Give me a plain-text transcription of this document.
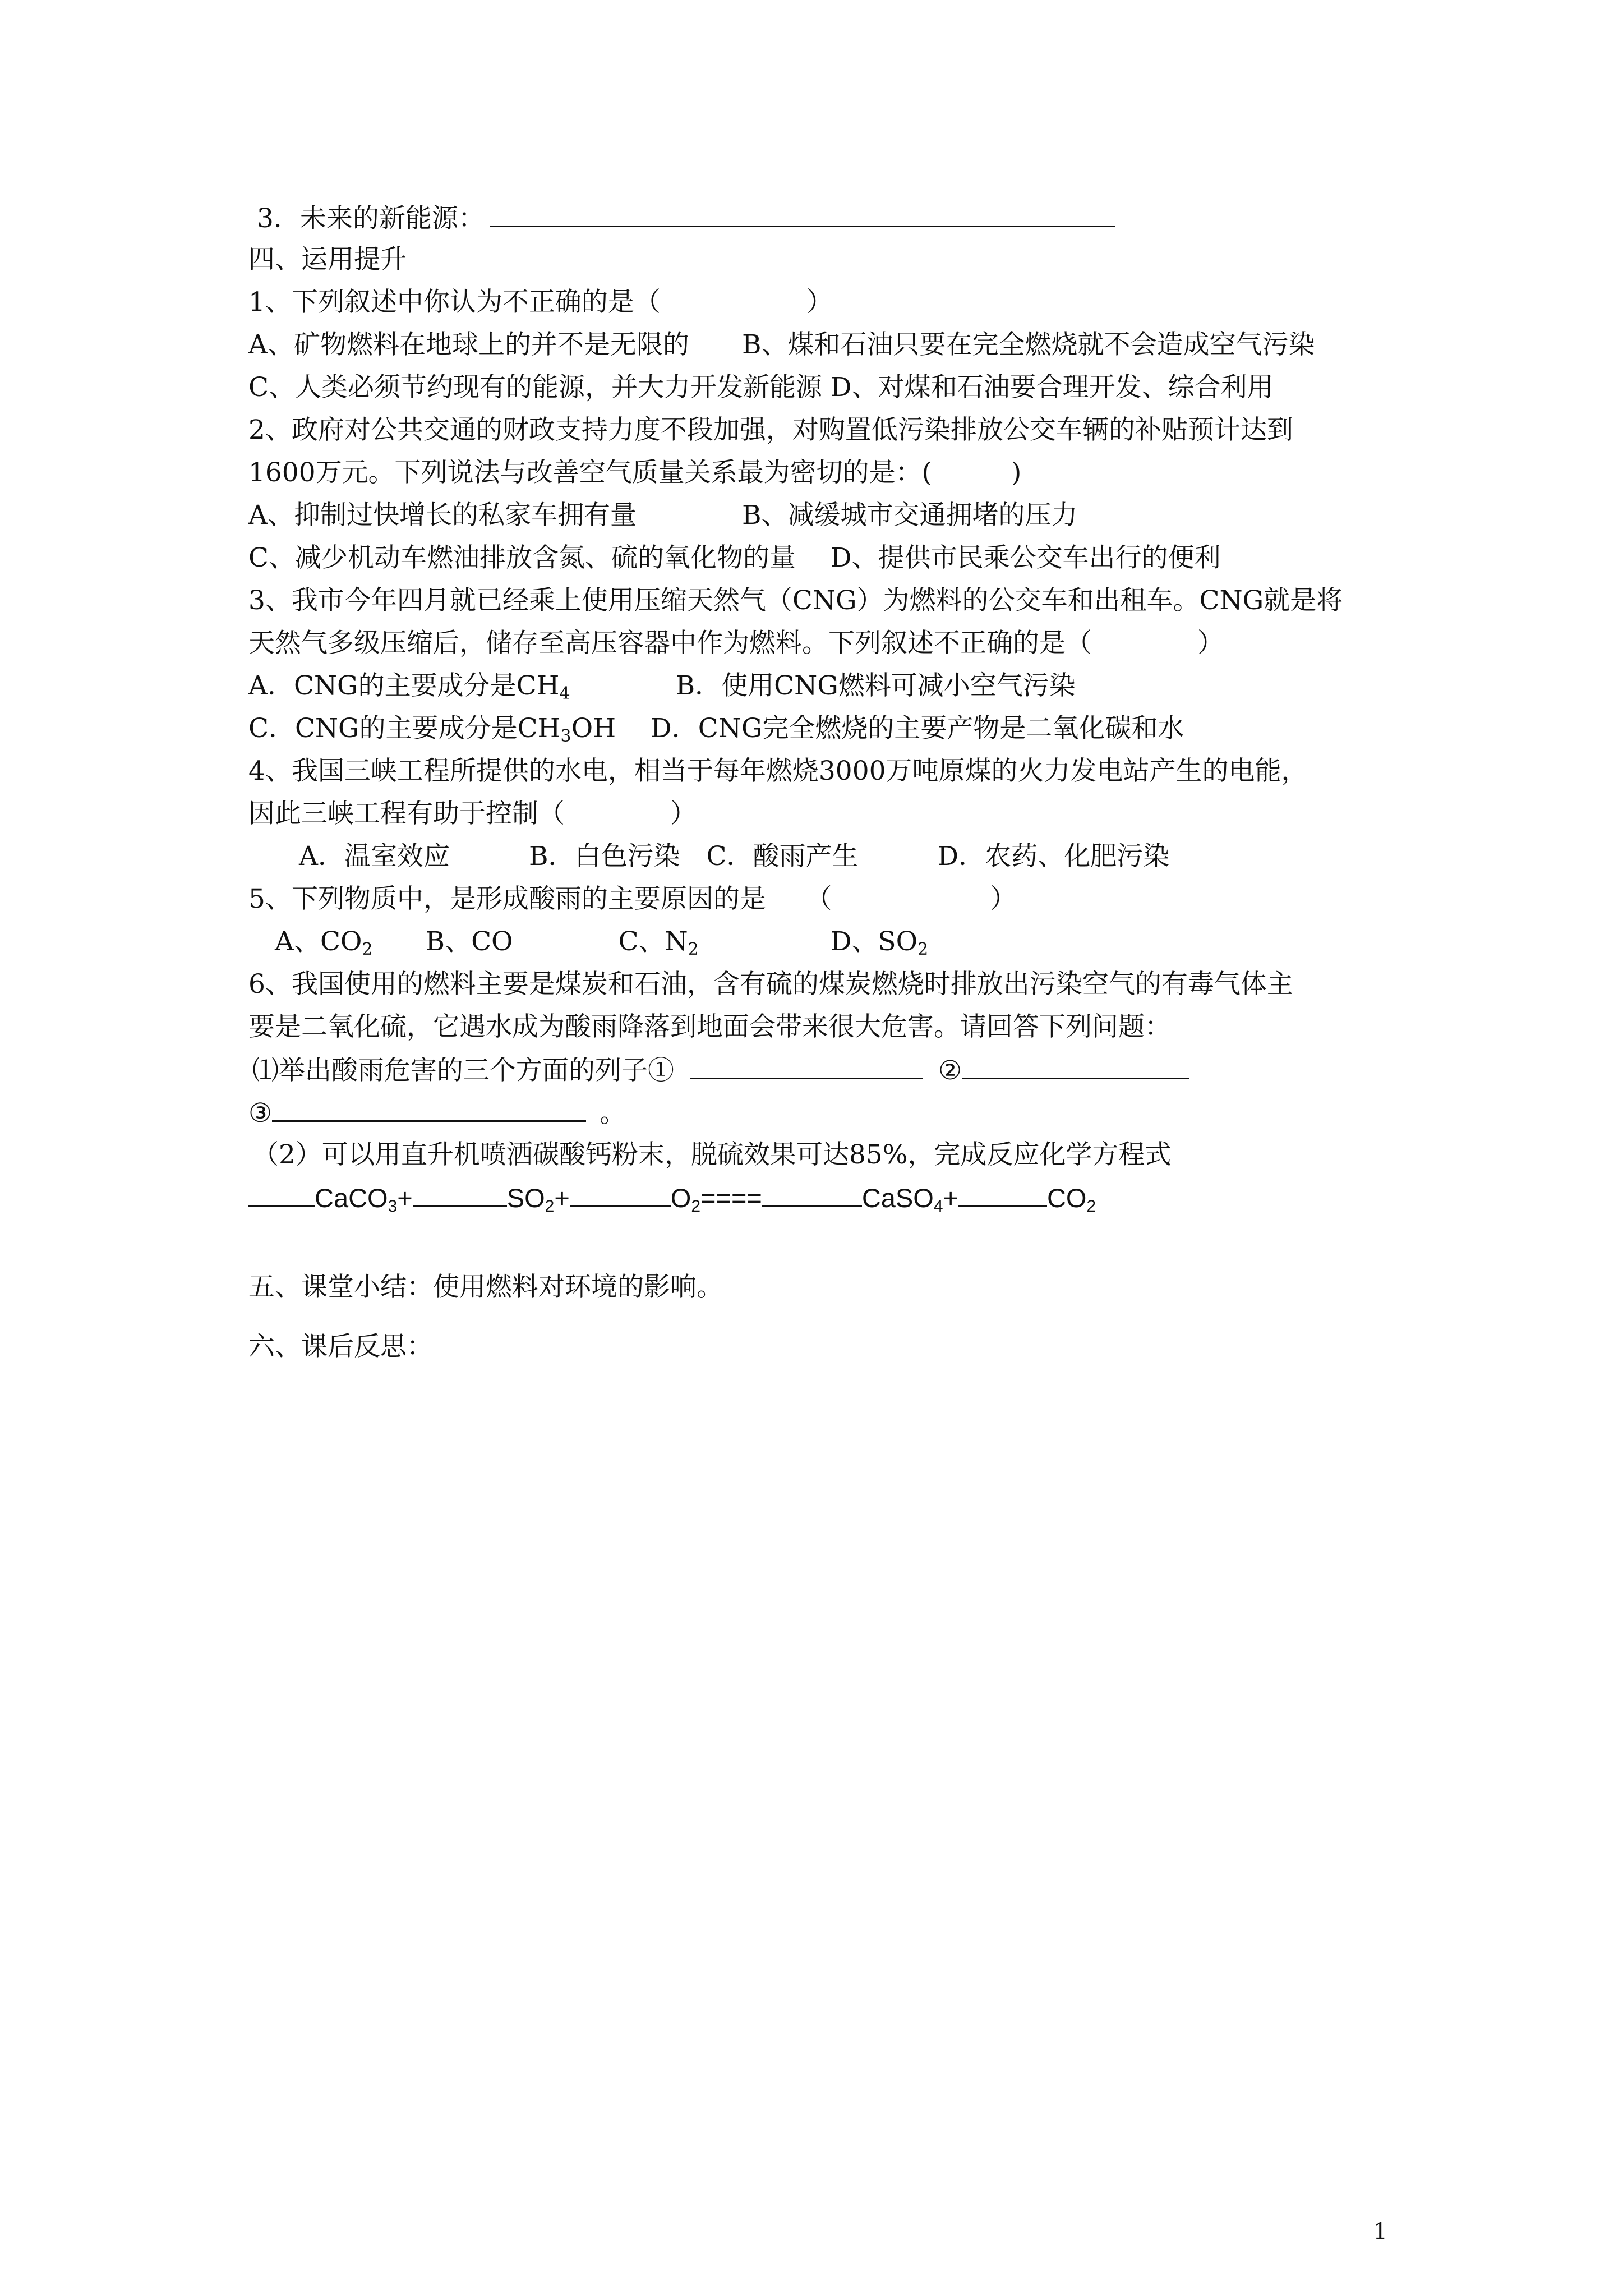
3．未来的新能源：
四、运用提升
1、下列叙述中你认为不正确的是（	）
A、矿物燃料在地球上的并不是无限的　　B、煤和石油只要在完全燃烧就不会造成空气污染
C、人类必须节约现有的能源，并大力开发新能源 D、对煤和石油要合理开发、综合利用
2、政府对公共交通的财政支持力度不段加强，对购置低污染排放公交车辆的补贴预计达到
1600万元。下列说法与改善空气质量关系最为密切的是：(　　　)
A、抑制过快增长的私家车拥有量　　　　B、减缓城市交通拥堵的压力
C、减少机动车燃油排放含氮、硫的氧化物的量　 D、提供市民乘公交车出行的便利
3、我市今年四月就已经乘上使用压缩天然气（CNG）为燃料的公交车和出租车。CNG就是将
天然气多级压缩后，储存至高压容器中作为燃料。下列叙述不正确的是（　　　　）
A．CNG的主要成分是$CH_4$　　　　B．使用CNG燃料可减小空气污染
C．CNG的主要成分是$CH_3OH$　 D．CNG完全燃烧的主要产物是二氧化碳和水
4、我国三峡工程所提供的水电，相当于每年燃烧3000万吨原煤的火力发电站产生的电能，
因此三峡工程有助于控制（　　　　）
A．温室效应　　　B．白色污染　C．酸雨产生　　　D．农药、化肥污染
5、下列物质中，是形成酸雨的主要原因的是　　（　　　　　　）
A、$CO_2$　　B、CO　　　　C、$N_2$　　　　　D、$SO_2$
6、我国使用的燃料主要是煤炭和石油，含有硫的煤炭燃烧时排放出污染空气的有毒气体主
要是二氧化硫，它遇水成为酸雨降落到地面会带来很大危害。请回答下列问题：
⑴举出酸雨危害的三个方面的列子①	②
③	。
（2）可以用直升机喷洒碳酸钙粉末，脱硫效果可达85%，完成反应化学方程式
CaCO$_3$+	$SO_2+$	$O_2====$	CaSO$_4$+	$CO_2$
五、课堂小结：使用燃料对环境的影响。
六、课后反思：
1
